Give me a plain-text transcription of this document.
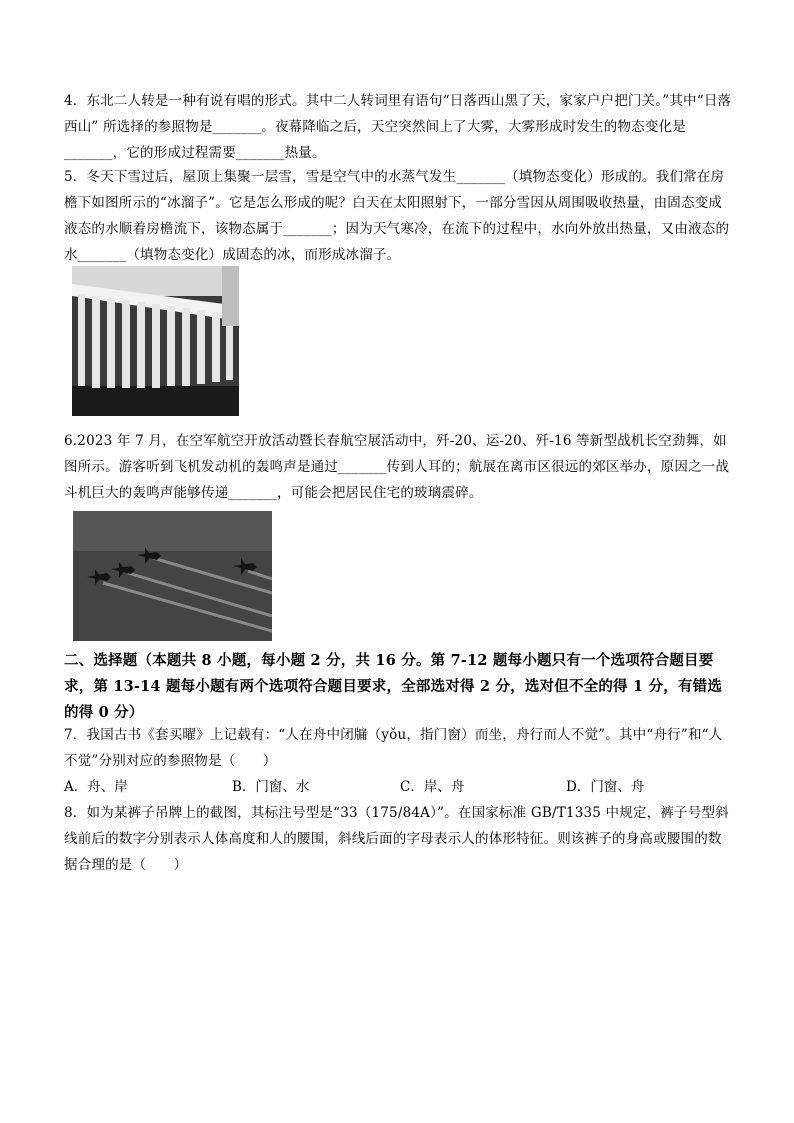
4．东北二人转是一种有说有唱的形式。其中二人转词里有语句“日落西山黑了天，家家户户把门关。”其中“日落西山” 所选择的参照物是_______。夜幕降临之后，天空突然间上了大雾，大雾形成时发生的物态变化是_______，它的形成过程需要_______热量。
5．冬天下雪过后，屋顶上集聚一层雪，雪是空气中的水蒸气发生_______（填物态变化）形成的。我们常在房檐下如图所示的“冰溜子”。它是怎么形成的呢？白天在太阳照射下，一部分雪因从周围吸收热量，由固态变成液态的水顺着房檐流下，该物态属于_______；因为天气寒冷，在流下的过程中，水向外放出热量，又由液态的水_______（填物态变化）成固态的冰，而形成冰溜子。
6.2023 年 7 月，在空军航空开放活动暨长春航空展活动中，歼-20、运-20、歼-16 等新型战机长空劲舞，如图所示。游客听到飞机发动机的轰鸣声是通过_______传到人耳的；航展在离市区很远的郊区举办，原因之一战斗机巨大的轰鸣声能够传递_______，可能会把居民住宅的玻璃震碎。
二、选择题（本题共 8 小题，每小题 2 分，共 16 分。第 7-12 题每小题只有一个选项符合题目要求，第 13-14 题每小题有两个选项符合题目要求，全部选对得 2 分，选对但不全的得 1 分，有错选的得 0 分）
7．我国古书《套买曜》上记载有：“人在舟中闭牖（yǒu，指门窗）而坐，舟行而人不觉”。其中“舟行”和“人不觉”分别对应的参照物是（　　）
A．舟、岸	B．门窗、水	C．岸、舟	D．门窗、舟
8．如为某裤子吊牌上的截图，其标注号型是“33（175/84A）”。在国家标准 GB/T1335 中规定，裤子号型斜线前后的数字分别表示人体高度和人的腰围，斜线后面的字母表示人的体形特征。则该裤子的身高或腰围的数据合理的是（　　）
